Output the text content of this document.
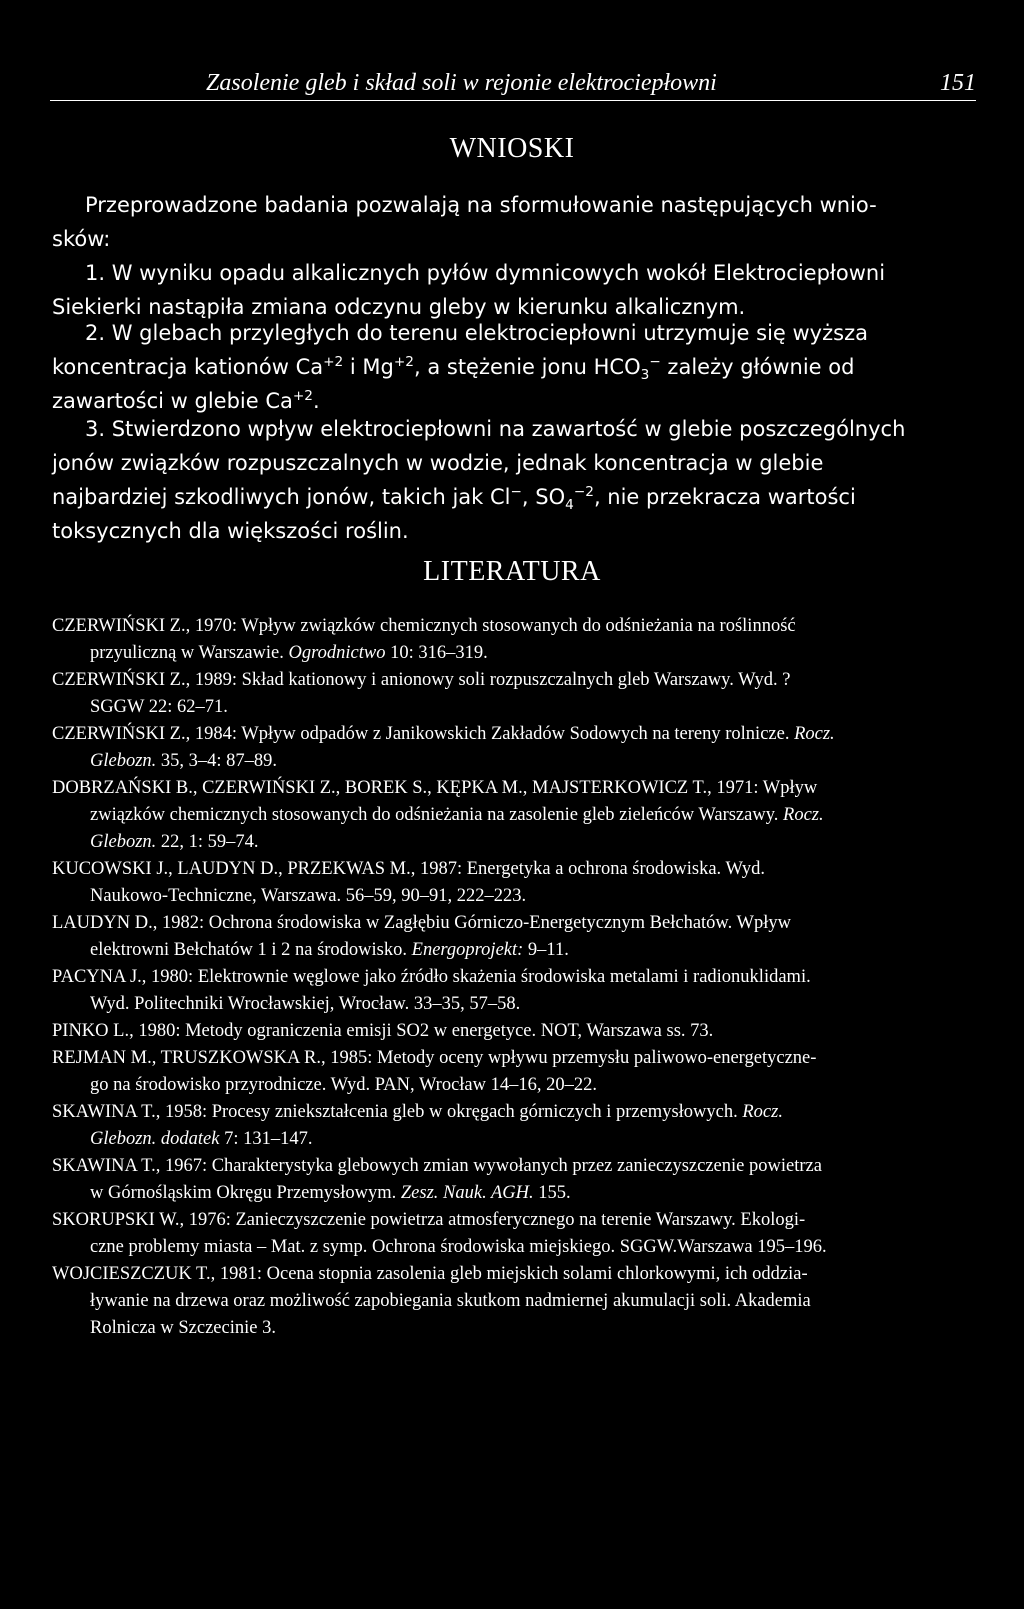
Zasolenie gleb i skład soli w rejonie elektrociepłowni	151
WNIOSKI
Przeprowadzone badania pozwalają na sformułowanie następujących wnio-
sków:
1. W wyniku opadu alkalicznych pyłów dymnicowych wokół Elektrociepłowni
Siekierki nastąpiła zmiana odczynu gleby w kierunku alkalicznym.
2. W glebach przyległych do terenu elektrociepłowni utrzymuje się wyższa
koncentracja kationów $Ca^{+2}$ i $Mg^{+2}$, a stężenie jonu $HCO_3^-$ zależy głównie od
zawartości w glebie $Ca^{+2}$.
3. Stwierdzono wpływ elektrociepłowni na zawartość w glebie poszczególnych
jonów związków rozpuszczalnych w wodzie, jednak koncentracja w glebie
najbardziej szkodliwych jonów, takich jak Cl−, $SO_4^{-2}$, nie przekracza wartości
toksycznych dla większości roślin.
LITERATURA
CZERWIŃSKI Z., 1970: Wpływ związków chemicznych stosowanych do odśnieżania na roślinność
przyuliczną w Warszawie. Ogrodnictwo 10: 316–319.
CZERWIŃSKI Z., 1989: Skład kationowy i anionowy soli rozpuszczalnych gleb Warszawy. Wyd. ?
SGGW 22: 62–71.
CZERWIŃSKI Z., 1984: Wpływ odpadów z Janikowskich Zakładów Sodowych na tereny rolnicze. Rocz.
Glebozn. 35, 3–4: 87–89.
DOBRZAŃSKI B., CZERWIŃSKI Z., BOREK S., KĘPKA M., MAJSTERKOWICZ T., 1971: Wpływ
związków chemicznych stosowanych do odśnieżania na zasolenie gleb zieleńców Warszawy. Rocz.
Glebozn. 22, 1: 59–74.
KUCOWSKI J., LAUDYN D., PRZEKWAS M., 1987: Energetyka a ochrona środowiska. Wyd.
Naukowo-Techniczne, Warszawa. 56–59, 90–91, 222–223.
LAUDYN D., 1982: Ochrona środowiska w Zagłębiu Górniczo-Energetycznym Bełchatów. Wpływ
elektrowni Bełchatów 1 i 2 na środowisko. Energoprojekt: 9–11.
PACYNA J., 1980: Elektrownie węglowe jako źródło skażenia środowiska metalami i radionuklidami.
Wyd. Politechniki Wrocławskiej, Wrocław. 33–35, 57–58.
PINKO L., 1980: Metody ograniczenia emisji SO2 w energetyce. NOT, Warszawa ss. 73.
REJMAN M., TRUSZKOWSKA R., 1985: Metody oceny wpływu przemysłu paliwowo-energetyczne-
go na środowisko przyrodnicze. Wyd. PAN, Wrocław 14–16, 20–22.
SKAWINA T., 1958: Procesy zniekształcenia gleb w okręgach górniczych i przemysłowych. Rocz.
Glebozn. dodatek 7: 131–147.
SKAWINA T., 1967: Charakterystyka glebowych zmian wywołanych przez zanieczyszczenie powietrza
w Górnośląskim Okręgu Przemysłowym. Zesz. Nauk. AGH. 155.
SKORUPSKI W., 1976: Zanieczyszczenie powietrza atmosferycznego na terenie Warszawy. Ekologi-
czne problemy miasta – Mat. z symp. Ochrona środowiska miejskiego. SGGW.Warszawa 195–196.
WOJCIESZCZUK T., 1981: Ocena stopnia zasolenia gleb miejskich solami chlorkowymi, ich oddzia-
ływanie na drzewa oraz możliwość zapobiegania skutkom nadmiernej akumulacji soli. Akademia
Rolnicza w Szczecinie 3.
